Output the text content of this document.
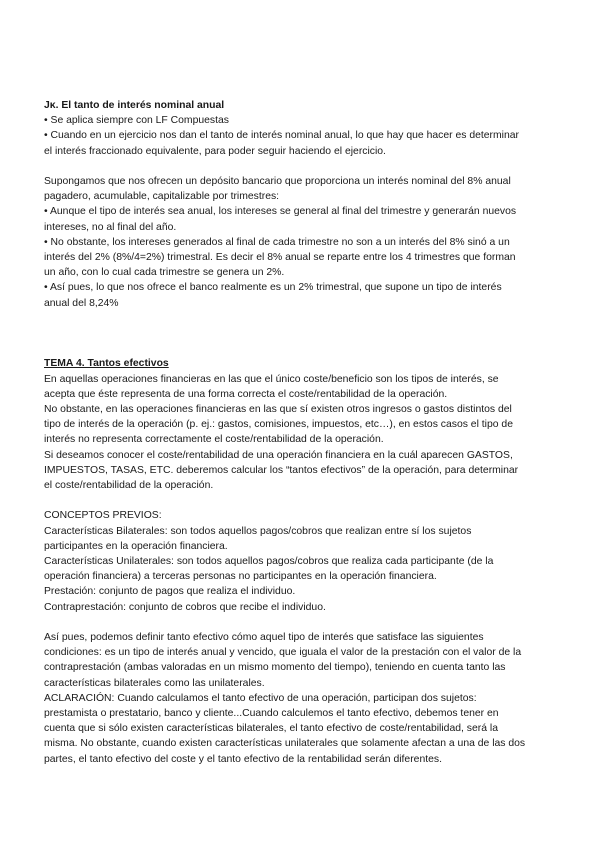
Jᴋ. El tanto de interés nominal anual
• Se aplica siempre con LF Compuestas
• Cuando en un ejercicio nos dan el tanto de interés nominal anual, lo que hay que hacer es determinar
el interés fraccionado equivalente, para poder seguir haciendo el ejercicio.
Supongamos que nos ofrecen un depósito bancario que proporciona un interés nominal del 8% anual
pagadero, acumulable, capitalizable por trimestres:
• Aunque el tipo de interés sea anual, los intereses se general al final del trimestre y generarán nuevos
intereses, no al final del año.
• No obstante, los intereses generados al final de cada trimestre no son a un interés del 8% sinó a un
interés del 2% (8%/4=2%) trimestral. Es decir el 8% anual se reparte entre los 4 trimestres que forman
un año, con lo cual cada trimestre se genera un 2%.
• Así pues, lo que nos ofrece el banco realmente es un 2% trimestral, que supone un tipo de interés
anual del 8,24%
TEMA 4. Tantos efectivos
En aquellas operaciones financieras en las que el único coste/beneficio son los tipos de interés, se
acepta que éste representa de una forma correcta el coste/rentabilidad de la operación.
No obstante, en las operaciones financieras en las que sí existen otros ingresos o gastos distintos del
tipo de interés de la operación (p. ej.: gastos, comisiones, impuestos, etc…), en estos casos el tipo de
interés no representa correctamente el coste/rentabilidad de la operación.
Si deseamos conocer el coste/rentabilidad de una operación financiera en la cuál aparecen GASTOS,
IMPUESTOS, TASAS, ETC. deberemos calcular los “tantos efectivos” de la operación, para determinar
el coste/rentabilidad de la operación.
CONCEPTOS PREVIOS:
Características Bilaterales: son todos aquellos pagos/cobros que realizan entre sí los sujetos
participantes en la operación financiera.
Características Unilaterales: son todos aquellos pagos/cobros que realiza cada participante (de la
operación financiera) a terceras personas no participantes en la operación financiera.
Prestación: conjunto de pagos que realiza el individuo.
Contraprestación: conjunto de cobros que recibe el individuo.
Así pues, podemos definir tanto efectivo cómo aquel tipo de interés que satisface las siguientes
condiciones: es un tipo de interés anual y vencido, que iguala el valor de la prestación con el valor de la
contraprestación (ambas valoradas en un mismo momento del tiempo), teniendo en cuenta tanto las
características bilaterales como las unilaterales.
ACLARACIÓN: Cuando calculamos el tanto efectivo de una operación, participan dos sujetos:
prestamista o prestatario, banco y cliente...Cuando calculemos el tanto efectivo, debemos tener en
cuenta que si sólo existen características bilaterales, el tanto efectivo de coste/rentabilidad, será la
misma. No obstante, cuando existen características unilaterales que solamente afectan a una de las dos
partes, el tanto efectivo del coste y el tanto efectivo de la rentabilidad serán diferentes.
